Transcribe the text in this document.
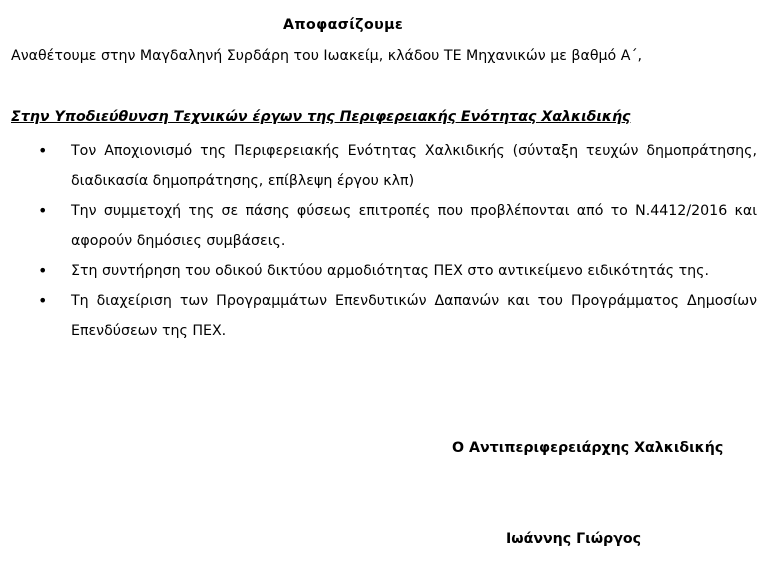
Αποφασίζουμε
Αναθέτουμε στην Μαγδαληνή Συρδάρη του Ιωακείμ, κλάδου ΤΕ Μηχανικών με βαθμό Α΄,
Στην Υποδιεύθυνση Τεχνικών έργων της Περιφερειακής Ενότητας Χαλκιδικής
• Τον Αποχιονισμό της Περιφερειακής Ενότητας Χαλκιδικής (σύνταξη τευχών δημοπράτησης, διαδικασία δημοπράτησης, επίβλεψη έργου κλπ)
• Την συμμετοχή της σε πάσης φύσεως επιτροπές που προβλέπονται από το Ν.4412/2016 και αφορούν δημόσιες συμβάσεις.
• Στη συντήρηση του οδικού δικτύου αρμοδιότητας ΠΕΧ στο αντικείμενο ειδικότητάς της.
• Τη διαχείριση των Προγραμμάτων Επενδυτικών Δαπανών και του Προγράμματος Δημοσίων Επενδύσεων της ΠΕΧ.
Ο Αντιπεριφερειάρχης Χαλκιδικής
Ιωάννης Γιώργος
